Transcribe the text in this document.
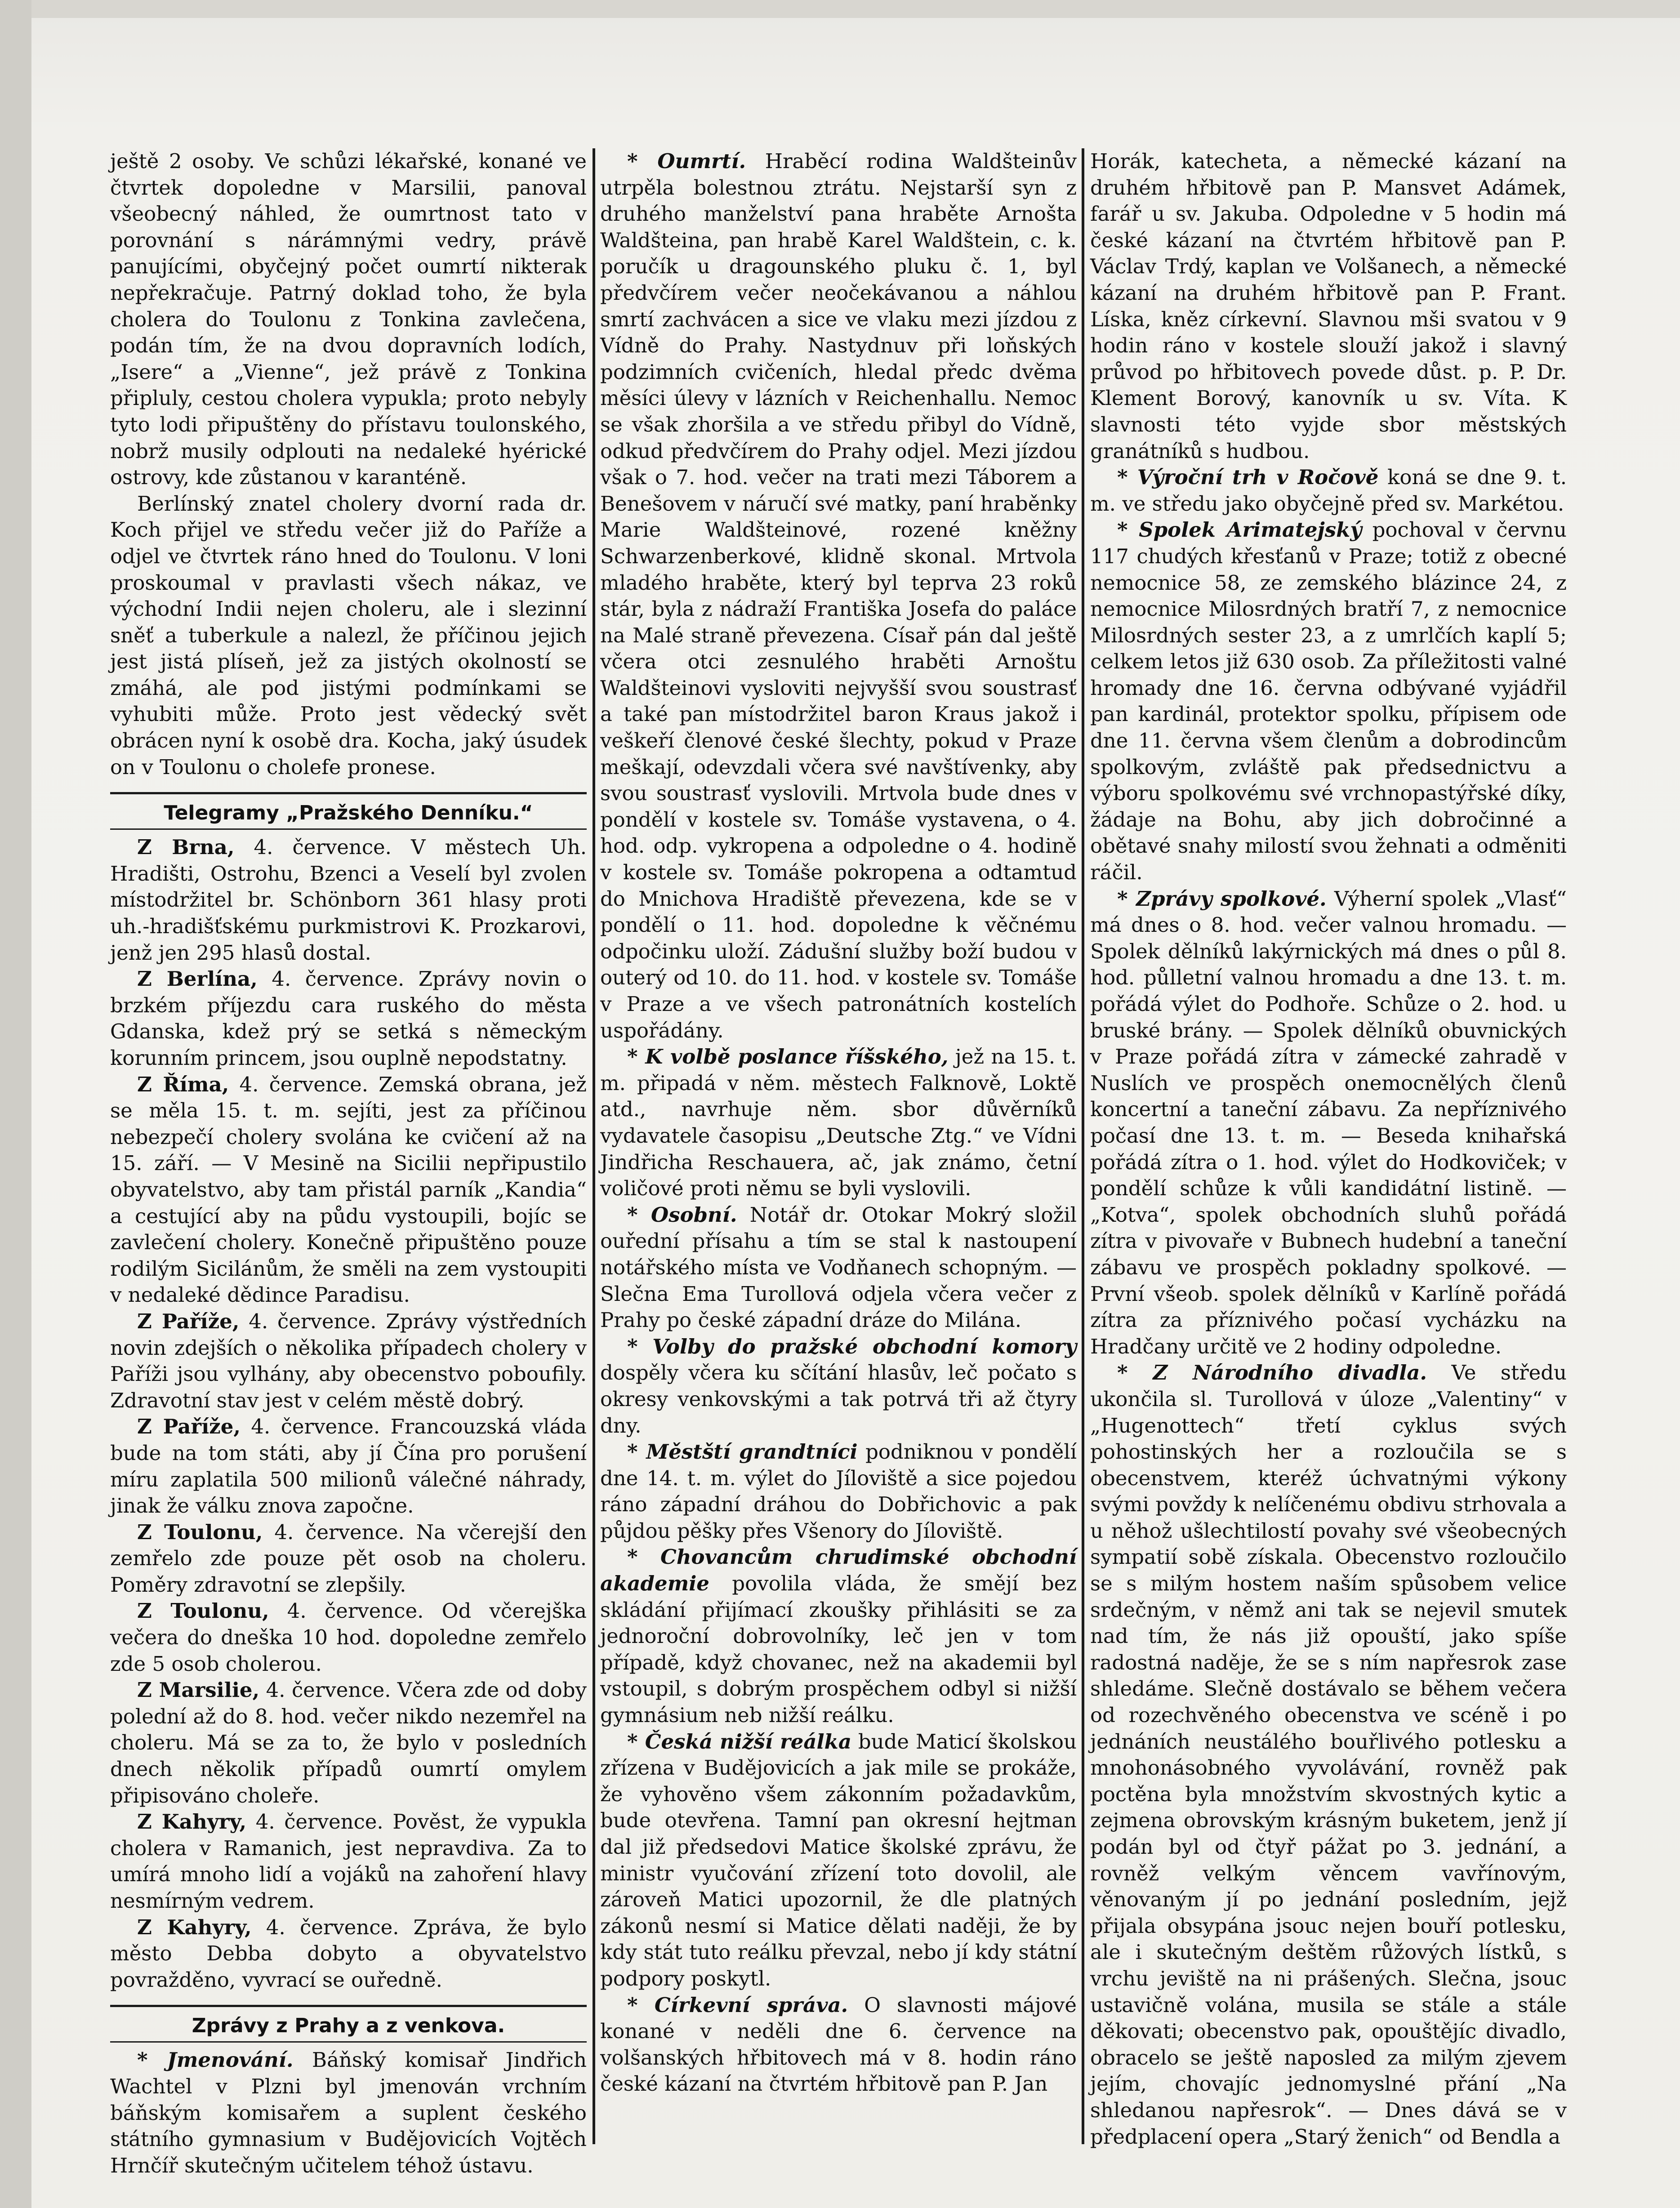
ještě 2 osoby. Ve schůzi lékařské, konané ve čtvrtek dopoledne v Marsilii, panoval všeobecný náhled, že oumrtnost tato v porovnání s nárámnými vedry, právě panujícími, obyčejný počet oumrtí nikterak nepřekračuje. Patrný doklad toho, že byla cholera do Toulonu z Tonkina zavlečena, podán tím, že na dvou dopravních lodích, „Isere“ a „Vienne“, jež právě z Tonkina připluly, cestou cholera vypukla; proto nebyly tyto lodi připuštěny do přístavu toulonského, nobrž musily odplouti na nedaleké hyérické ostrovy, kde zůstanou v karanténě.

Berlínský znatel cholery dvorní rada dr. Koch přijel ve středu večer již do Paříže a odjel ve čtvrtek ráno hned do Toulonu. V loni proskoumal v pravlasti všech nákaz, ve východní Indii nejen choleru, ale i slezinní sněť a tuberkule a nalezl, že příčinou jejich jest jistá plíseň, jež za jistých okolností se zmáhá, ale pod jistými podmínkami se vyhubiti může. Proto jest vědecký svět obrácen nyní k osobě dra. Kocha, jaký úsudek on v Toulonu o cholefe pronese.

Telegramy „Pražského Denníku.“

Z Brna, 4. července. V městech Uh. Hradišti, Ostrohu, Bzenci a Veselí byl zvolen místodržitel br. Schönborn 361 hlasy proti uh.-hradišťskému purkmistrovi K. Prozkarovi, jenž jen 295 hlasů dostal.

Z Berlína, 4. července. Zprávy novin o brzkém příjezdu cara ruského do města Gdanska, kdež prý se setká s německým korunním princem, jsou ouplně nepodstatny.

Z Říma, 4. července. Zemská obrana, jež se měla 15. t. m. sejíti, jest za příčinou nebezpečí cholery svolána ke cvičení až na 15. září. — V Mesině na Sicilii nepřipustilo obyvatelstvo, aby tam přistál parník „Kandia“ a cestující aby na půdu vystoupili, bojíc se zavlečení cholery. Konečně připuštěno pouze rodilým Sicilánům, že směli na zem vystoupiti v nedaleké dědince Paradisu.

Z Paříže, 4. července. Zprávy výstředních novin zdejších o několika případech cholery v Paříži jsou vylhány, aby obecenstvo poboufily. Zdravotní stav jest v celém městě dobrý.

Z Paříže, 4. července. Francouzská vláda bude na tom státi, aby jí Čína pro porušení míru zaplatila 500 milionů válečné náhrady, jinak že válku znova započne.

Z Toulonu, 4. července. Na včerejší den zemřelo zde pouze pět osob na choleru. Poměry zdravotní se zlepšily.

Z Toulonu, 4. července. Od včerejška večera do dneška 10 hod. dopoledne zemřelo zde 5 osob cholerou.

Z Marsilie, 4. července. Včera zde od doby polední až do 8. hod. večer nikdo nezemřel na choleru. Má se za to, že bylo v posledních dnech několik případů oumrtí omylem připisováno choleře.

Z Kahyry, 4. července. Pověst, že vypukla cholera v Ramanich, jest nepravdiva. Za to umírá mnoho lidí a vojáků na zahoření hlavy nesmírným vedrem.

Z Kahyry, 4. července. Zpráva, že bylo město Debba dobyto a obyvatelstvo povražděno, vyvrací se ouředně.

Zprávy z Prahy a z venkova.

* Jmenování. Báňský komisař Jindřich Wachtel v Plzni byl jmenován vrchním báňským komisařem a suplent českého státního gymnasium v Budějovicích Vojtěch Hrnčíř skutečným učitelem téhož ústavu.

* Oumrtí. Hraběcí rodina Waldšteinův utrpěla bolestnou ztrátu. Nejstarší syn z druhého manželství pana hraběte Arnošta Waldšteina, pan hrabě Karel Waldštein, c. k. poručík u dragounského pluku č. 1, byl předvčírem večer neočekávanou a náhlou smrtí zachvácen a sice ve vlaku mezi jízdou z Vídně do Prahy. Nastydnuv při loňských podzimních cvičeních, hledal předc dvěma měsíci úlevy v lázních v Reichenhallu. Nemoc se však zhoršila a ve středu přibyl do Vídně, odkud předvčírem do Prahy odjel. Mezi jízdou však o 7. hod. večer na trati mezi Táborem a Benešovem v náručí své matky, paní hraběnky Marie Waldšteinové, rozené kněžny Schwarzenberkové, klidně skonal. Mrtvola mladého hraběte, který byl teprva 23 roků stár, byla z nádraží Františka Josefa do paláce na Malé straně převezena. Císař pán dal ještě včera otci zesnulého hraběti Arnoštu Waldšteinovi vysloviti nejvyšší svou soustrasť a také pan místodržitel baron Kraus jakož i veškeří členové české šlechty, pokud v Praze meškají, odevzdali včera své navštívenky, aby svou soustrasť vyslovili. Mrtvola bude dnes v pondělí v kostele sv. Tomáše vystavena, o 4. hod. odp. vykropena a odpoledne o 4. hodině v kostele sv. Tomáše pokropena a odtamtud do Mnichova Hradiště převezena, kde se v pondělí o 11. hod. dopoledne k věčnému odpočinku uloží. Zádušní služby boží budou v outerý od 10. do 11. hod. v kostele sv. Tomáše v Praze a ve všech patronátních kostelích uspořádány.

* K volbě poslance říšského, jež na 15. t. m. připadá v něm. městech Falknově, Loktě atd., navrhuje něm. sbor důvěrníků vydavatele časopisu „Deutsche Ztg.“ ve Vídni Jindřicha Reschauera, ač, jak známo, četní voličové proti němu se byli vyslovili.

* Osobní. Notář dr. Otokar Mokrý složil ouřední přísahu a tím se stal k nastoupení notářského místa ve Vodňanech schopným. — Slečna Ema Turollová odjela včera večer z Prahy po české západní dráze do Milána.

* Volby do pražské obchodní komory dospěly včera ku sčítání hlasův, leč počato s okresy venkovskými a tak potrvá tři až čtyry dny.

* Městští grandtníci podniknou v pondělí dne 14. t. m. výlet do Jíloviště a sice pojedou ráno západní dráhou do Dobřichovic a pak půjdou pěšky přes Všenory do Jíloviště.

* Chovancům chrudimské obchodní akademie povolila vláda, že smějí bez skládání přijímací zkoušky přihlásiti se za jednoroční dobrovolníky, leč jen v tom případě, když chovanec, než na akademii byl vstoupil, s dobrým prospěchem odbyl si nižší gymnásium neb nižší reálku.

* Česká nižší reálka bude Maticí školskou zřízena v Budějovicích a jak mile se prokáže, že vyhověno všem zákonním požadavkům, bude otevřena. Tamní pan okresní hejtman dal již předsedovi Matice školské zprávu, že ministr vyučování zřízení toto dovolil, ale zároveň Matici upozornil, že dle platných zákonů nesmí si Matice dělati naději, že by kdy stát tuto reálku převzal, nebo jí kdy státní podpory poskytl.

* Církevní správa. O slavnosti májové konané v neděli dne 6. července na volšanských hřbitovech má v 8. hodin ráno české kázaní na čtvrtém hřbitově pan P. Jan

Horák, katecheta, a německé kázaní na druhém hřbitově pan P. Mansvet Adámek, farář u sv. Jakuba. Odpoledne v 5 hodin má české kázaní na čtvrtém hřbitově pan P. Václav Trdý, kaplan ve Volšanech, a německé kázaní na druhém hřbitově pan P. Frant. Líska, kněz církevní. Slavnou mši svatou v 9 hodin ráno v kostele slouží jakož i slavný průvod po hřbitovech povede důst. p. P. Dr. Klement Borový, kanovník u sv. Víta. K slavnosti této vyjde sbor městských granátníků s hudbou.

* Výroční trh v Ročově koná se dne 9. t. m. ve středu jako obyčejně před sv. Markétou.

* Spolek Arimatejský pochoval v červnu 117 chudých křesťanů v Praze; totiž z obecné nemocnice 58, ze zemského blázince 24, z nemocnice Milosrdných bratří 7, z nemocnice Milosrdných sester 23, a z umrlčích kaplí 5; celkem letos již 630 osob. Za příležitosti valné hromady dne 16. června odbývané vyjádřil pan kardinál, protektor spolku, přípisem ode dne 11. června všem členům a dobrodincům spolkovým, zvláště pak předsednictvu a výboru spolkovému své vrchnopastýřské díky, žádaje na Bohu, aby jich dobročinné a obětavé snahy milostí svou žehnati a odměniti ráčil.

* Zprávy spolkové. Výherní spolek „Vlasť“ má dnes o 8. hod. večer valnou hromadu. — Spolek dělníků lakýrnických má dnes o půl 8. hod. půlletní valnou hromadu a dne 13. t. m. pořádá výlet do Podhoře. Schůze o 2. hod. u bruské brány. — Spolek dělníků obuvnických v Praze pořádá zítra v zámecké zahradě v Nuslích ve prospěch onemocnělých členů koncertní a taneční zábavu. Za nepříznivého počasí dne 13. t. m. — Beseda knihařská pořádá zítra o 1. hod. výlet do Hodkoviček; v pondělí schůze k vůli kandidátní listině. — „Kotva“, spolek obchodních sluhů pořádá zítra v pivovaře v Bubnech hudební a taneční zábavu ve prospěch pokladny spolkové. — První všeob. spolek dělníků v Karlíně pořádá zítra za příznivého počasí vycházku na Hradčany určitě ve 2 hodiny odpoledne.

* Z Národního divadla. Ve středu ukončila sl. Turollová v úloze „Valentiny“ v „Hugenottech“ třetí cyklus svých pohostinských her a rozloučila se s obecenstvem, kteréž úchvatnými výkony svými povždy k nelíčenému obdivu strhovala a u něhož ušlechtilostí povahy své všeobecných sympatií sobě získala. Obecenstvo rozloučilo se s milým hostem naším spůsobem velice srdečným, v němž ani tak se nejevil smutek nad tím, že nás již opouští, jako spíše radostná naděje, že se s ním napřesrok zase shledáme. Slečně dostávalo se během večera od rozechvěného obecenstva ve scéně i po jednáních neustálého bouřlivého potlesku a mnohonásobného vyvolávání, rovněž pak poctěna byla množstvím skvostných kytic a zejmena obrovským krásným buketem, jenž jí podán byl od čtyř pážat po 3. jednání, a rovněž velkým věncem vavřínovým, věnovaným jí po jednání posledním, jejž přijala obsypána jsouc nejen bouří potlesku, ale i skutečným deštěm růžových lístků, s vrchu jeviště na ni prášených. Slečna, jsouc ustavičně volána, musila se stále a stále děkovati; obecenstvo pak, opouštějíc divadlo, obracelo se ještě naposled za milým zjevem jejím, chovajíc jednomyslné přání „Na shledanou napřesrok“. — Dnes dává se v předplacení opera „Starý ženich“ od Bendla a
